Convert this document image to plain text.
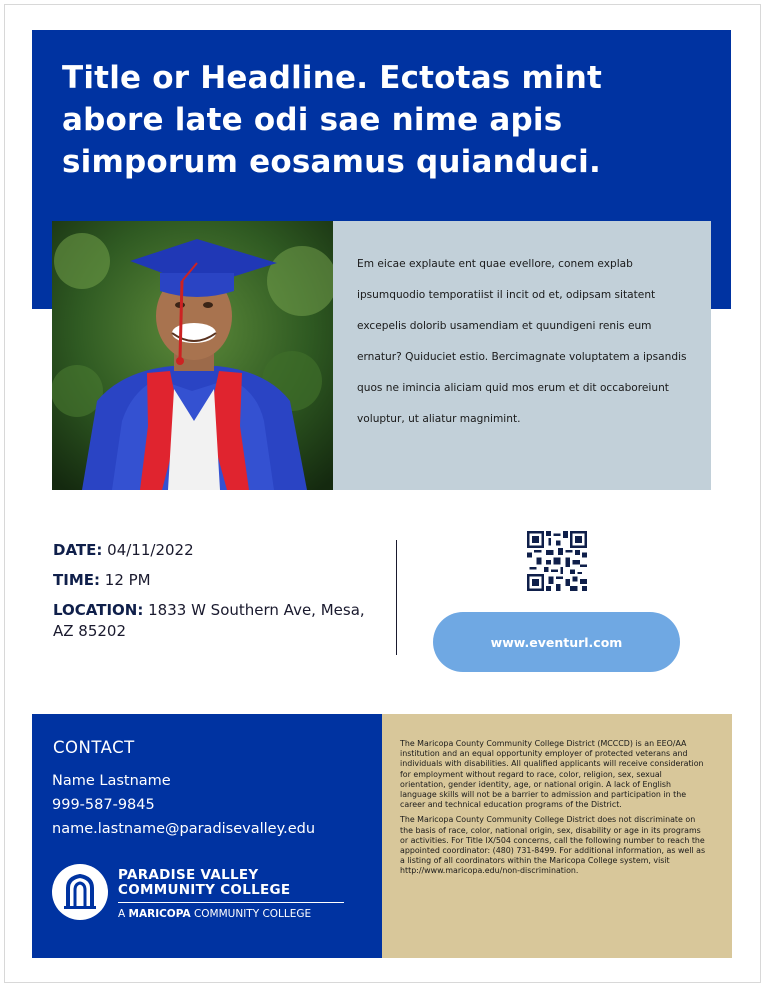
Title or Headline. Ectotas mint abore late odi sae nime apis simporum eosamus quianduci.

Em eicae explaute ent quae evellore, conem explab ipsumquodio temporatiist il incit od et, odipsam sitatent excepelis dolorib usamendiam et quundigeni renis eum ernatur? Quiduciet estio. Bercimagnate voluptatem a ipsandis quos ne imincia aliciam quid mos erum et dit occaboreiunt voluptur, ut aliatur magnimint.

DATE: 04/11/2022

TIME: 12 PM

LOCATION: 1833 W Southern Ave, Mesa, AZ 85202

www.eventurl.com
CONTACT

Name Lastname

999-587-9845

name.lastname@paradisevalley.edu

PARADISE VALLEY
COMMUNITY COLLEGE

A MARICOPA COMMUNITY COLLEGE

The Maricopa County Community College District (MCCCD) is an EEO/AA institution and an equal opportunity employer of protected veterans and individuals with disabilities. All qualified applicants will receive consideration for employment without regard to race, color, religion, sex, sexual orientation, gender identity, age, or national origin. A lack of English language skills will not be a barrier to admission and participation in the career and technical education programs of the District.

The Maricopa County Community College District does not discriminate on the basis of race, color, national origin, sex, disability or age in its programs or activities. For Title IX/504 concerns, call the following number to reach the appointed coordinator: (480) 731-8499. For additional information, as well as a listing of all coordinators within the Maricopa College system, visit http://www.maricopa.edu/non-discrimination.
